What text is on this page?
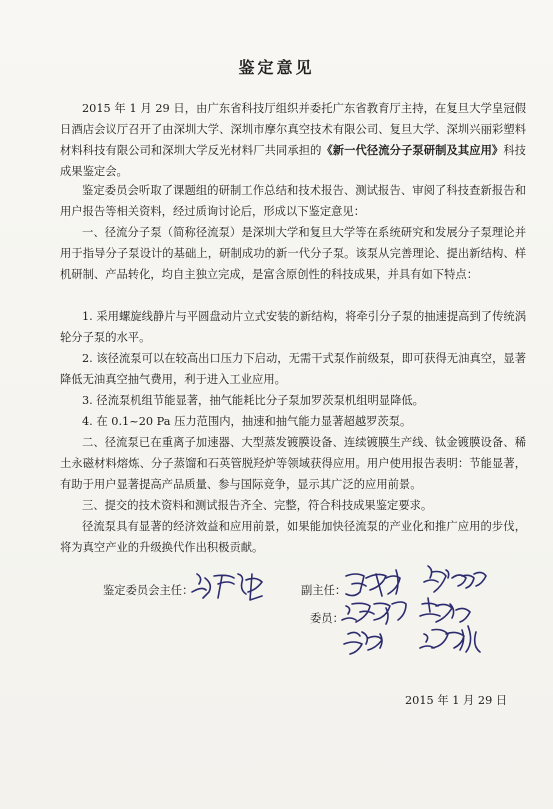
鉴定意见

2015 年 1 月 29 日，由广东省科技厅组织并委托广东省教育厅主持，在复旦大学皇冠假日酒店会议厅召开了由深圳大学、深圳市摩尔真空技术有限公司、复旦大学、深圳兴丽彩塑料材料科技有限公司和深圳大学反光材料厂共同承担的《新一代径流分子泵研制及其应用》科技成果鉴定会。

鉴定委员会听取了课题组的研制工作总结和技术报告、测试报告、审阅了科技查新报告和用户报告等相关资料，经过质询讨论后，形成以下鉴定意见：

一、径流分子泵（简称径流泵）是深圳大学和复旦大学等在系统研究和发展分子泵理论并用于指导分子泵设计的基础上，研制成功的新一代分子泵。该泵从完善理论、提出新结构、样机研制、产品转化，均自主独立完成，是富含原创性的科技成果，并具有如下特点：

1. 采用螺旋线静片与平圆盘动片立式安装的新结构，将牵引分子泵的抽速提高到了传统涡轮分子泵的水平。

2. 该径流泵可以在较高出口压力下启动，无需干式泵作前级泵，即可获得无油真空，显著降低无油真空抽气费用，利于进入工业应用。

3. 径流泵机组节能显著，抽气能耗比分子泵加罗茨泵机组明显降低。

4. 在 0.1~20 Pa 压力范围内，抽速和抽气能力显著超越罗茨泵。

二、径流泵已在重离子加速器、大型蒸发镀膜设备、连续镀膜生产线、钛金镀膜设备、稀土永磁材料熔炼、分子蒸馏和石英管脱羟炉等领域获得应用。用户使用报告表明：节能显著，有助于用户显著提高产品质量、参与国际竞争，显示其广泛的应用前景。

三、提交的技术资料和测试报告齐全、完整，符合科技成果鉴定要求。

径流泵具有显著的经济效益和应用前景，如果能加快径流泵的产业化和推广应用的步伐，将为真空产业的升级换代作出积极贡献。

鉴定委员会主任：	副主任：
委员：
2015 年 1 月 29 日
